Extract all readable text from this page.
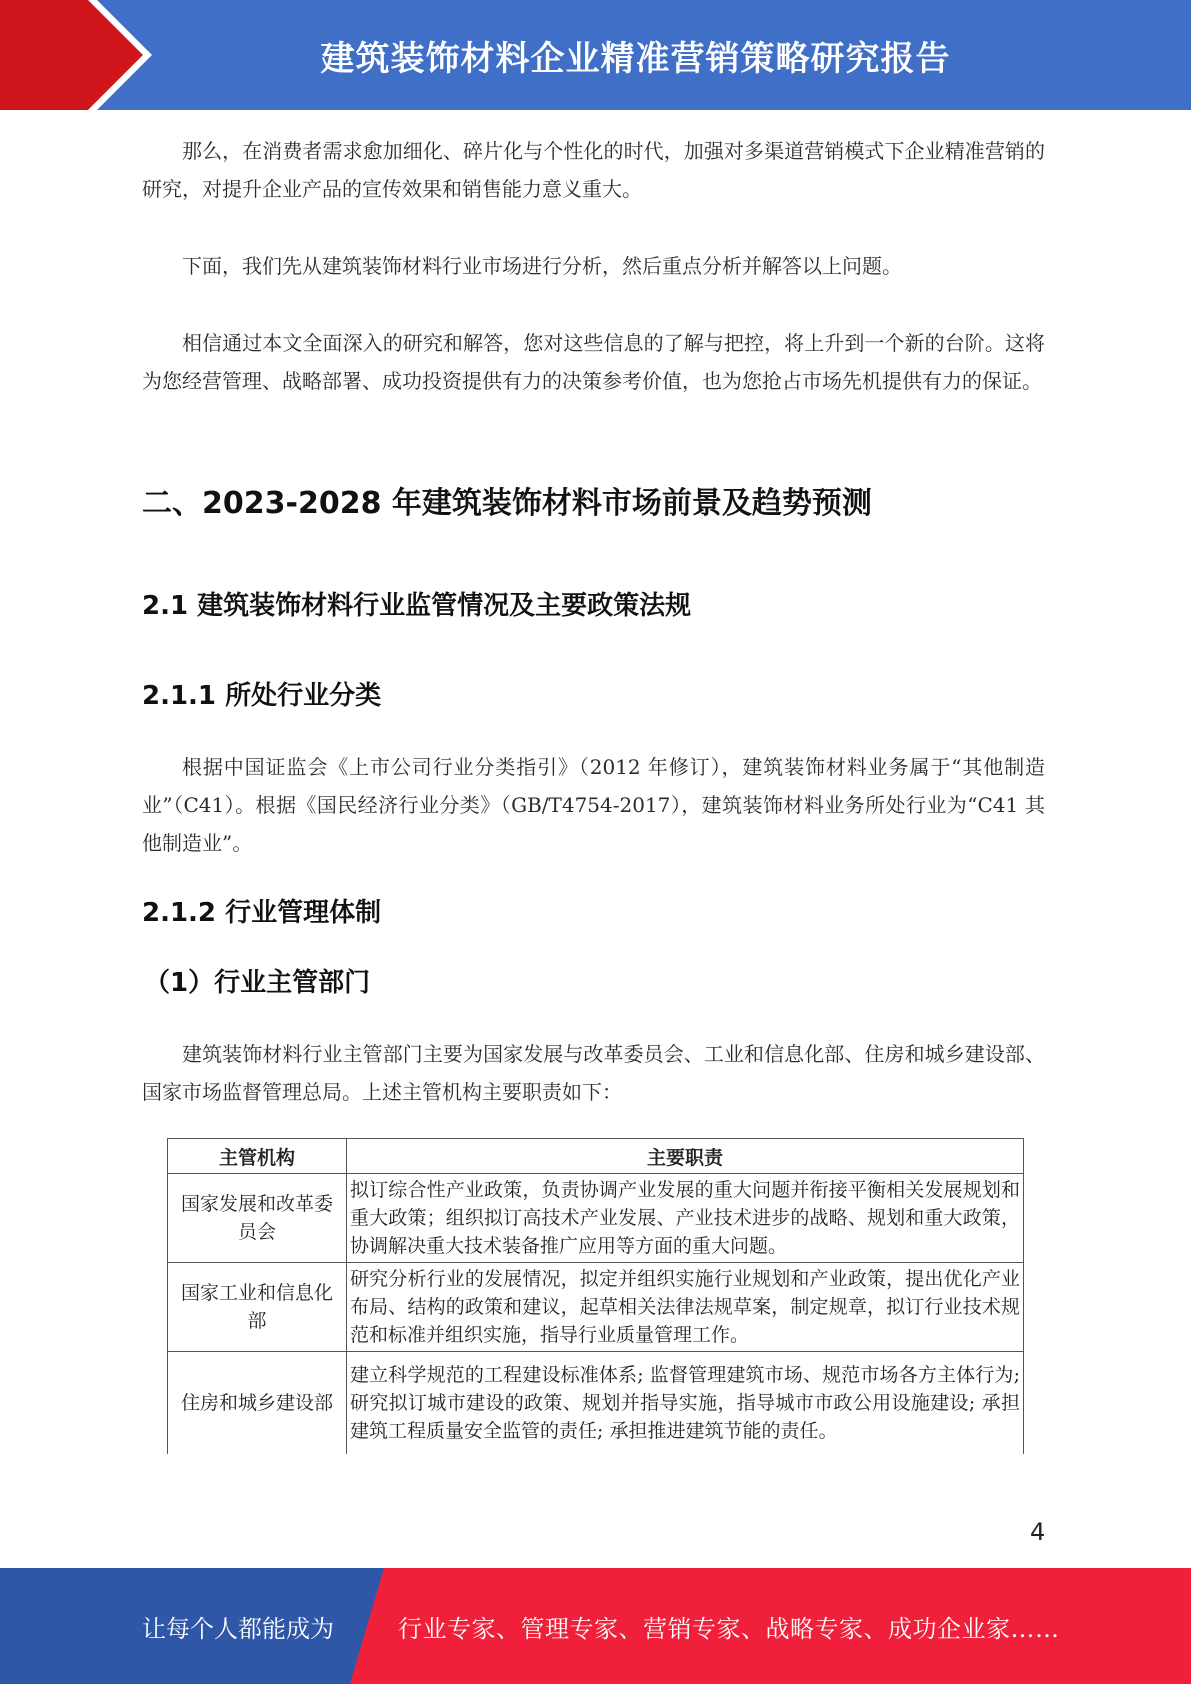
建筑装饰材料企业精准营销策略研究报告

那么，在消费者需求愈加细化、碎片化与个性化的时代，加强对多渠道营销模式下企业精准营销的研究，对提升企业产品的宣传效果和销售能力意义重大。

下面，我们先从建筑装饰材料行业市场进行分析，然后重点分析并解答以上问题。

相信通过本文全面深入的研究和解答，您对这些信息的了解与把控，将上升到一个新的台阶。这将为您经营管理、战略部署、成功投资提供有力的决策参考价值，也为您抢占市场先机提供有力的保证。

二、2023-2028 年建筑装饰材料市场前景及趋势预测
2.1 建筑装饰材料行业监管情况及主要政策法规
2.1.1 所处行业分类

根据中国证监会《上市公司行业分类指引》（2012 年修订），建筑装饰材料业务属于“其他制造业”（C41）。根据《国民经济行业分类》（GB/T4754-2017），建筑装饰材料业务所处行业为“C41 其他制造业”。

2.1.2 行业管理体制
（1）行业主管部门

建筑装饰材料行业主管部门主要为国家发展与改革委员会、工业和信息化部、住房和城乡建设部、国家市场监督管理总局。上述主管机构主要职责如下：

主管机构	主要职责
国家发展和改革委员会	拟订综合性产业政策，负责协调产业发展的重大问题并衔接平衡相关发展规划和重大政策；组织拟订高技术产业发展、产业技术进步的战略、规划和重大政策，协调解决重大技术装备推广应用等方面的重大问题。
国家工业和信息化部	研究分析行业的发展情况，拟定并组织实施行业规划和产业政策，提出优化产业布局、结构的政策和建议，起草相关法律法规草案，制定规章，拟订行业技术规范和标准并组织实施，指导行业质量管理工作。
住房和城乡建设部	建立科学规范的工程建设标准体系; 监督管理建筑市场、规范市场各方主体行为; 研究拟订城市建设的政策、规划并指导实施，指导城市市政公用设施建设; 承担建筑工程质量安全监管的责任; 承担推进建筑节能的责任。
4
让每个人都能成为	行业专家、管理专家、营销专家、战略专家、成功企业家……
